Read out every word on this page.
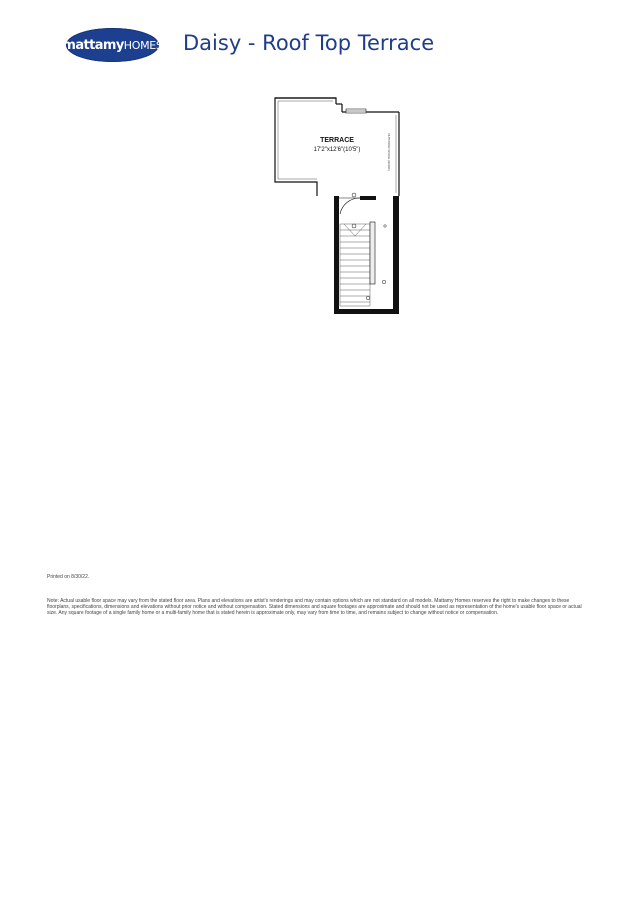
mattamy HOMES Daisy - Roof Top Terrace
TERRACE
17'2"x12'6"(10'5")	OUTDOOR SPACE (ROOF)
Printed on 8/30/22.
Note: Actual usable floor space may vary from the stated floor area. Plans and elevations are artist's renderings and may contain options which are not standard on all models. Mattamy Homes reserves the right to make changes to these floorplans, specifications, dimensions and elevations without prior notice and without compensation. Stated dimensions and square footages are approximate and should not be used as representation of the home's usable floor space or actual size. Any square footage of a single family home or a multi-family home that is stated herein is approximate only, may vary from time to time, and remains subject to change without notice or compensation.
